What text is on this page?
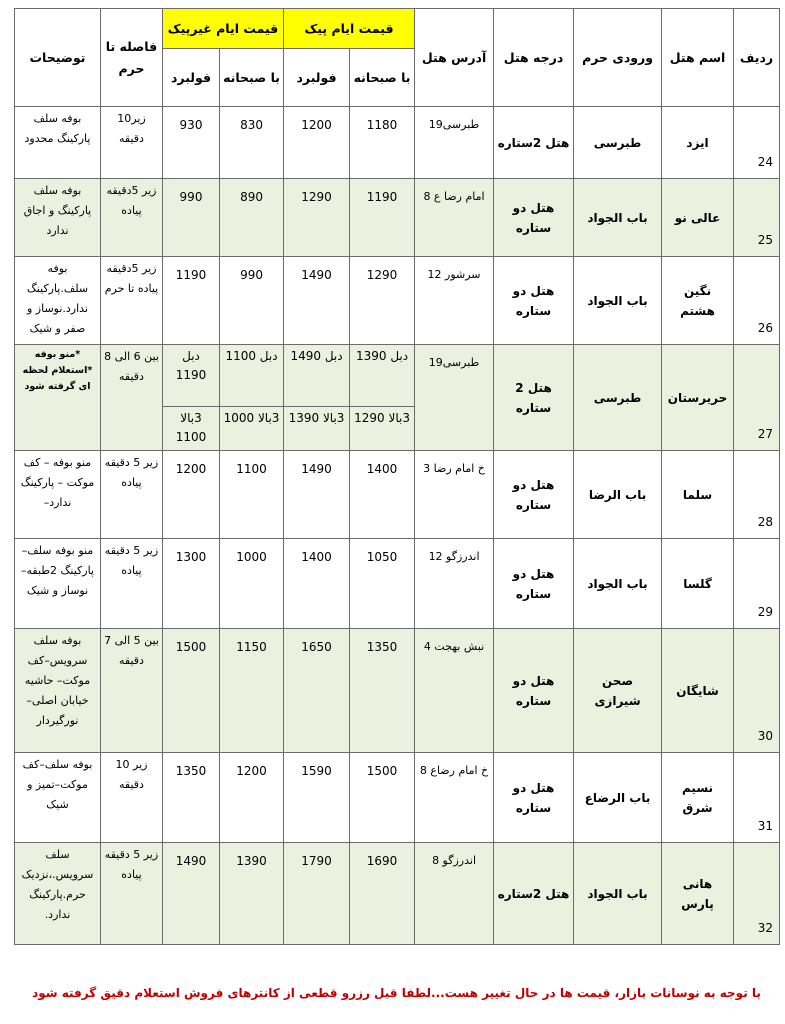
ردیف	اسم هتل	ورودی حرم	درجه هتل	آدرس هتل	قیمت ایام پیک		قیمت ایام غیرپیک		فاصله تا حرم	توضیحات
					با صبحانه	فولبرد	با صبحانه	فولبرد		
24	ایزد	طبرسی	هتل 2ستاره	طبرسی19	1180	1200	830	930	زیر10 دقیقه	بوفه سلف پارکینگ محدود
25	عالی نو	باب الجواد	هتل دو ستاره	امام رضا ع 8	1190	1290	890	990	زیر 5دقیقه پیاده	بوفه سلف پارکینگ و اجاق ندارد
26	نگین هشتم	باب الجواد	هتل دو ستاره	سرشور 12	1290	1490	990	1190	زیر 5دقیقه پیاده تا حرم	بوفه سلف.پارکینگ ندارد.نوساز و صفر و شیک
27	حریرستان	طبرسی	هتل 2 ستاره	طبرسی19	دبل 1390	دبل 1490	دبل 1100	دبل 1190	بین 6 الی 8 دقیقه	*منو بوفه *استعلام لحظه ای گرفته شود
					3بالا 1290	3بالا 1390	3بالا 1000	3بالا 1100		
28	سلما	باب الرضا	هتل دو ستاره	خ امام رضا 3	1400	1490	1100	1200	زیر 5 دقیقه پیاده	منو بوفه – کف موکت – پارکینگ ندارد–
29	گلسا	باب الجواد	هتل دو ستاره	اندرزگو 12	1050	1400	1000	1300	زیر 5 دقیقه پیاده	منو بوفه سلف– پارکینگ 2طبقه– نوساز و شیک
30	شایگان	صحن شیرازی	هتل دو ستاره	نبش بهجت 4	1350	1650	1150	1500	بین 5 الی 7 دقیقه	بوفه سلف سرویس–کف موکت– حاشیه خیابان اصلی– نورگیردار
31	نسیم شرق	باب الرضاع	هتل دو ستاره	خ امام رضاع 8	1500	1590	1200	1350	زیر 10 دقیقه	بوفه سلف–کف موکت–تمیز و شیک
32	هانی پارس	باب الجواد	هتل 2ستاره	اندرزگو 8	1690	1790	1390	1490	زیر 5 دقیقه پیاده	سلف سرویس.،نزدیک حرم.پارکینگ ندارد.
با توجه به نوسانات بازار، قیمت ها در حال تغییر هست...لطفا قبل رزرو قطعی از کانترهای فروش استعلام دقیق گرفته شود
